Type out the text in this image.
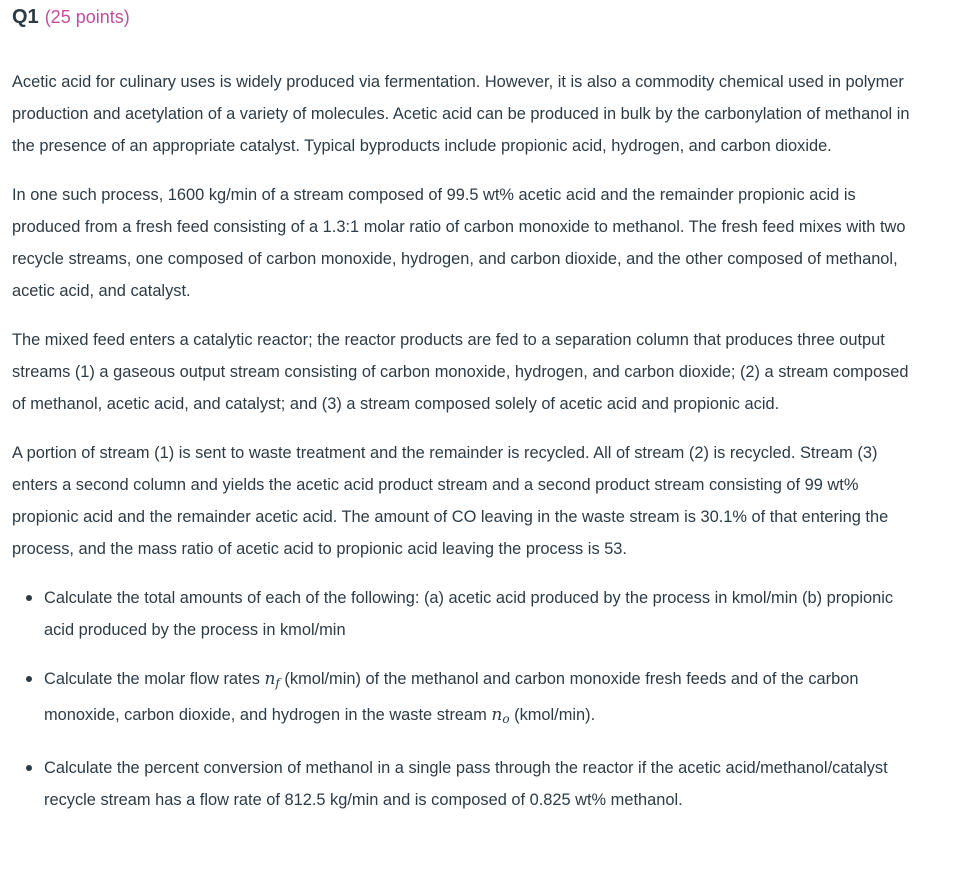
Q1 (25 points)

Acetic acid for culinary uses is widely produced via fermentation. However, it is also a commodity chemical used in polymer production and acetylation of a variety of molecules. Acetic acid can be produced in bulk by the carbonylation of methanol in the presence of an appropriate catalyst. Typical byproducts include propionic acid, hydrogen, and carbon dioxide.

In one such process, 1600 kg/min of a stream composed of 99.5 wt% acetic acid and the remainder propionic acid is produced from a fresh feed consisting of a 1.3:1 molar ratio of carbon monoxide to methanol. The fresh feed mixes with two recycle streams, one composed of carbon monoxide, hydrogen, and carbon dioxide, and the other composed of methanol, acetic acid, and catalyst.

The mixed feed enters a catalytic reactor; the reactor products are fed to a separation column that produces three output streams (1) a gaseous output stream consisting of carbon monoxide, hydrogen, and carbon dioxide; (2) a stream composed of methanol, acetic acid, and catalyst; and (3) a stream composed solely of acetic acid and propionic acid.

A portion of stream (1) is sent to waste treatment and the remainder is recycled. All of stream (2) is recycled. Stream (3) enters a second column and yields the acetic acid product stream and a second product stream consisting of 99 wt% propionic acid and the remainder acetic acid. The amount of CO leaving in the waste stream is 30.1% of that entering the process, and the mass ratio of acetic acid to propionic acid leaving the process is 53.

Calculate the total amounts of each of the following: (a) acetic acid produced by the process in kmol/min (b) propionic acid produced by the process in kmol/min
Calculate the molar flow rates $n_f$ (kmol/min) of the methanol and carbon monoxide fresh feeds and of the carbon monoxide, carbon dioxide, and hydrogen in the waste stream $n_o$ (kmol/min).
Calculate the percent conversion of methanol in a single pass through the reactor if the acetic acid/methanol/catalyst recycle stream has a flow rate of 812.5 kg/min and is composed of 0.825 wt% methanol.
